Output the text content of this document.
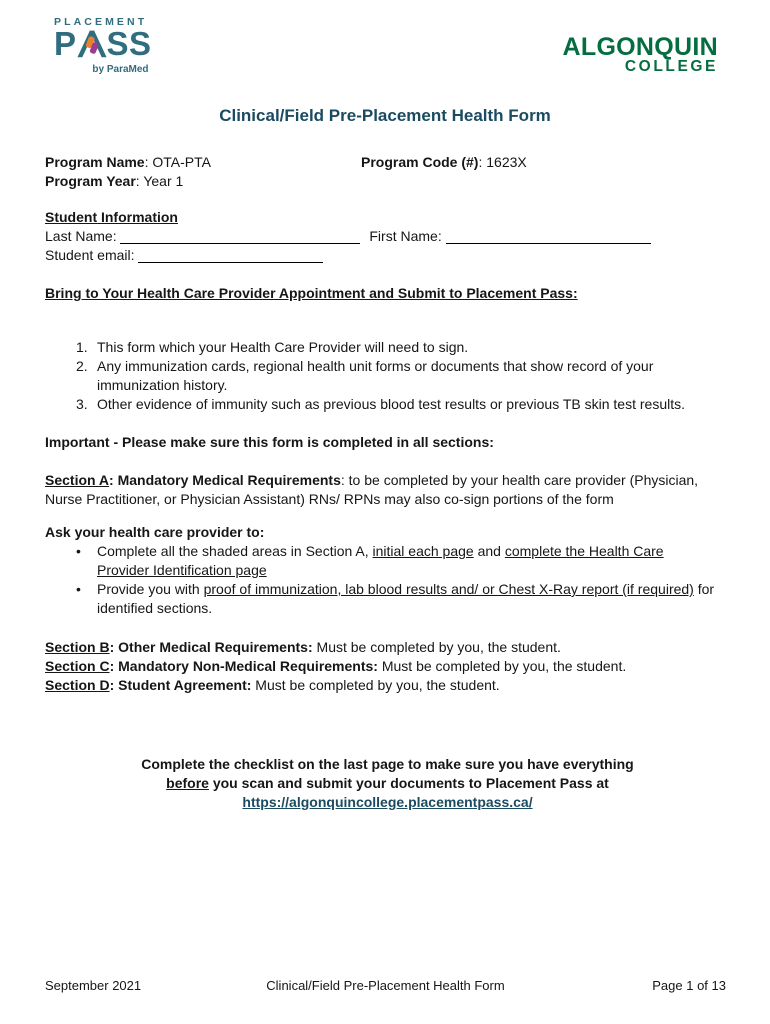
PLACEMENT
P SS
by ParaMed
ALGONQUIN
COLLEGE
Clinical/Field Pre-Placement Health Form
Program Name: OTA-PTA	Program Code (#): 1623X
Program Year: Year 1
Student Information
Last Name:	First Name:
Student email:
Bring to Your Health Care Provider Appointment and Submit to Placement Pass:
1. This form which your Health Care Provider will need to sign.
2. Any immunization cards, regional health unit forms or documents that show record of your immunization history.
3. Other evidence of immunity such as previous blood test results or previous TB skin test results.
Important - Please make sure this form is completed in all sections:
Section A: Mandatory Medical Requirements: to be completed by your health care provider (Physician, Nurse Practitioner, or Physician Assistant) RNs/ RPNs may also co-sign portions of the form
Ask your health care provider to:
•	Complete all the shaded areas in Section A, initial each page and complete the Health Care Provider Identification page
•	Provide you with proof of immunization, lab blood results and/ or Chest X-Ray report (if required) for identified sections.
Section B: Other Medical Requirements: Must be completed by you, the student.
Section C: Mandatory Non-Medical Requirements: Must be completed by you, the student.
Section D: Student Agreement: Must be completed by you, the student.
Complete the checklist on the last page to make sure you have everything
before you scan and submit your documents to Placement Pass at
https://algonquincollege.placementpass.ca/
September 2021	Clinical/Field Pre-Placement Health Form	Page 1 of 13
